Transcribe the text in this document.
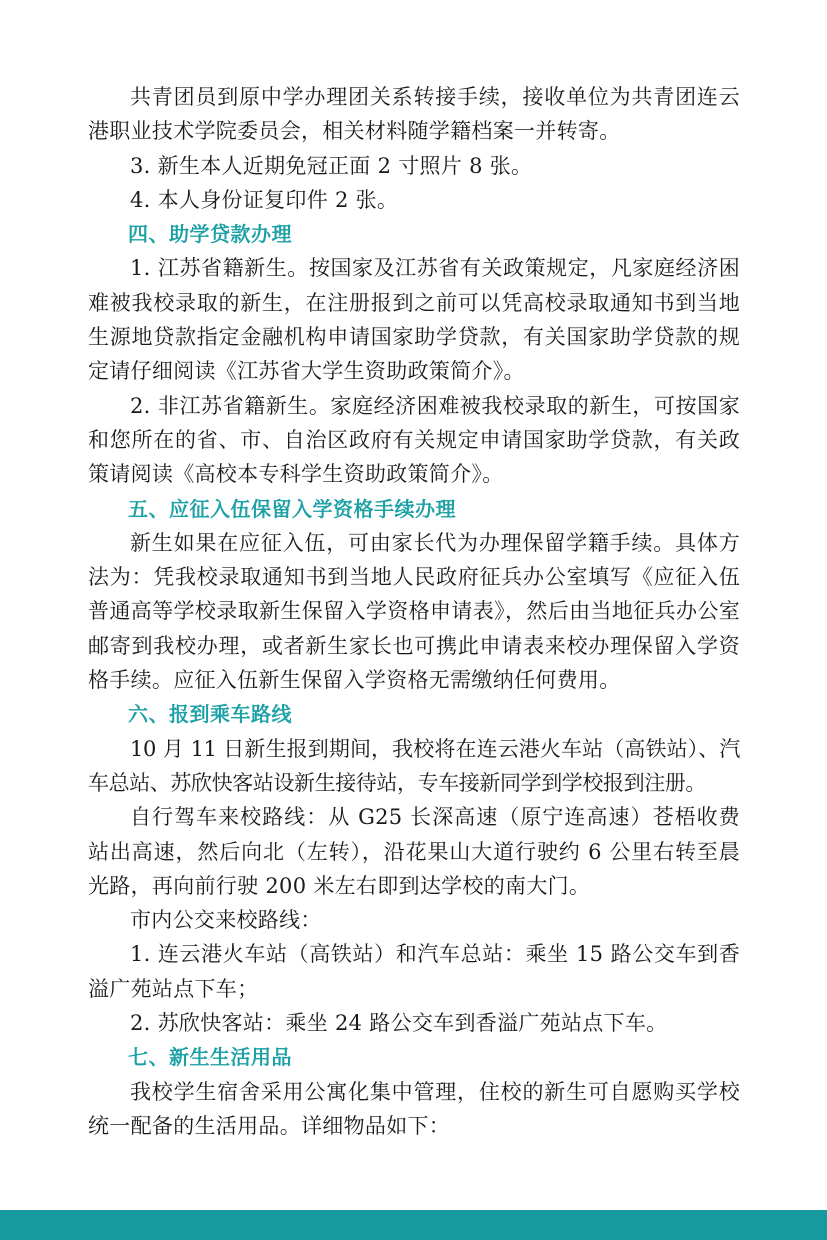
共青团员到原中学办理团关系转接手续，接收单位为共青团连云港职业技术学院委员会，相关材料随学籍档案一并转寄。

3. 新生本人近期免冠正面 2 寸照片 8 张。

4. 本人身份证复印件 2 张。

四、助学贷款办理

1. 江苏省籍新生。按国家及江苏省有关政策规定，凡家庭经济困难被我校录取的新生，在注册报到之前可以凭高校录取通知书到当地生源地贷款指定金融机构申请国家助学贷款，有关国家助学贷款的规定请仔细阅读《江苏省大学生资助政策简介》。

2. 非江苏省籍新生。家庭经济困难被我校录取的新生，可按国家和您所在的省、市、自治区政府有关规定申请国家助学贷款，有关政策请阅读《高校本专科学生资助政策简介》。

五、应征入伍保留入学资格手续办理

新生如果在应征入伍，可由家长代为办理保留学籍手续。具体方法为：凭我校录取通知书到当地人民政府征兵办公室填写《应征入伍普通高等学校录取新生保留入学资格申请表》，然后由当地征兵办公室邮寄到我校办理，或者新生家长也可携此申请表来校办理保留入学资格手续。应征入伍新生保留入学资格无需缴纳任何费用。

六、报到乘车路线

10 月 11 日新生报到期间，我校将在连云港火车站（高铁站）、汽车总站、苏欣快客站设新生接待站，专车接新同学到学校报到注册。

自行驾车来校路线：从 G25 长深高速（原宁连高速）苍梧收费站出高速，然后向北（左转），沿花果山大道行驶约 6 公里右转至晨光路，再向前行驶 200 米左右即到达学校的南大门。

市内公交来校路线：

1. 连云港火车站（高铁站）和汽车总站：乘坐 15 路公交车到香溢广苑站点下车；

2. 苏欣快客站：乘坐 24 路公交车到香溢广苑站点下车。

七、新生生活用品

我校学生宿舍采用公寓化集中管理，住校的新生可自愿购买学校统一配备的生活用品。详细物品如下：
